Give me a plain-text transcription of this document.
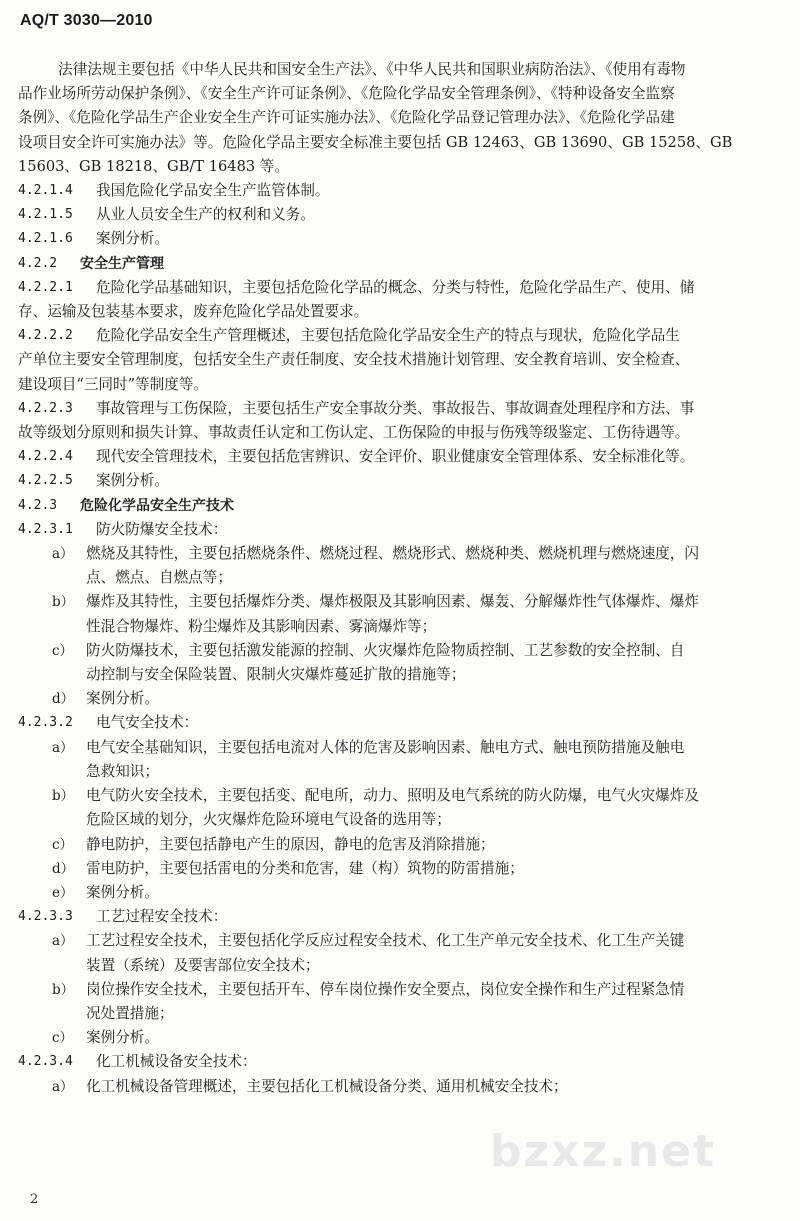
AQ/T 3030—2010
法律法规主要包括《中华人民共和国安全生产法》、《中华人民共和国职业病防治法》、《使用有毒物
品作业场所劳动保护条例》、《安全生产许可证条例》、《危险化学品安全管理条例》、《特种设备安全监察
条例》、《危险化学品生产企业安全生产许可证实施办法》、《危险化学品登记管理办法》、《危险化学品建
设项目安全许可实施办法》等。危险化学品主要安全标准主要包括 GB 12463、GB 13690、GB 15258、GB
15603、GB 18218、GB/T 16483 等。
4.2.1.4	我国危险化学品安全生产监管体制。
4.2.1.5	从业人员安全生产的权利和义务。
4.2.1.6	案例分析。
4.2.2	安全生产管理
4.2.2.1	危险化学品基础知识，主要包括危险化学品的概念、分类与特性，危险化学品生产、使用、储
存、运输及包装基本要求，废弃危险化学品处置要求。
4.2.2.2	危险化学品安全生产管理概述，主要包括危险化学品安全生产的特点与现状，危险化学品生
产单位主要安全管理制度，包括安全生产责任制度、安全技术措施计划管理、安全教育培训、安全检查、
建设项目“三同时”等制度等。
4.2.2.3	事故管理与工伤保险，主要包括生产安全事故分类、事故报告、事故调查处理程序和方法、事
故等级划分原则和损失计算、事故责任认定和工伤认定、工伤保险的申报与伤残等级鉴定、工伤待遇等。
4.2.2.4	现代安全管理技术，主要包括危害辨识、安全评价、职业健康安全管理体系、安全标准化等。
4.2.2.5	案例分析。
4.2.3	危险化学品安全生产技术
4.2.3.1	防火防爆安全技术：
a） 燃烧及其特性，主要包括燃烧条件、燃烧过程、燃烧形式、燃烧种类、燃烧机理与燃烧速度，闪
点、燃点、自燃点等；
b） 爆炸及其特性，主要包括爆炸分类、爆炸极限及其影响因素、爆轰、分解爆炸性气体爆炸、爆炸
性混合物爆炸、粉尘爆炸及其影响因素、雾滴爆炸等；
c） 防火防爆技术，主要包括激发能源的控制、火灾爆炸危险物质控制、工艺参数的安全控制、自
动控制与安全保险装置、限制火灾爆炸蔓延扩散的措施等；
d） 案例分析。
4.2.3.2	电气安全技术：
a） 电气安全基础知识，主要包括电流对人体的危害及影响因素、触电方式、触电预防措施及触电
急救知识；
b） 电气防火安全技术，主要包括变、配电所，动力、照明及电气系统的防火防爆，电气火灾爆炸及
危险区域的划分，火灾爆炸危险环境电气设备的选用等；
c） 静电防护，主要包括静电产生的原因，静电的危害及消除措施；
d） 雷电防护，主要包括雷电的分类和危害，建（构）筑物的防雷措施；
e） 案例分析。
4.2.3.3	工艺过程安全技术：
a） 工艺过程安全技术，主要包括化学反应过程安全技术、化工生产单元安全技术、化工生产关键
装置（系统）及要害部位安全技术；
b） 岗位操作安全技术，主要包括开车、停车岗位操作安全要点，岗位安全操作和生产过程紧急情
况处置措施；
c） 案例分析。
4.2.3.4	化工机械设备安全技术：
a） 化工机械设备管理概述，主要包括化工机械设备分类、通用机械安全技术；
bzxz.net
2
